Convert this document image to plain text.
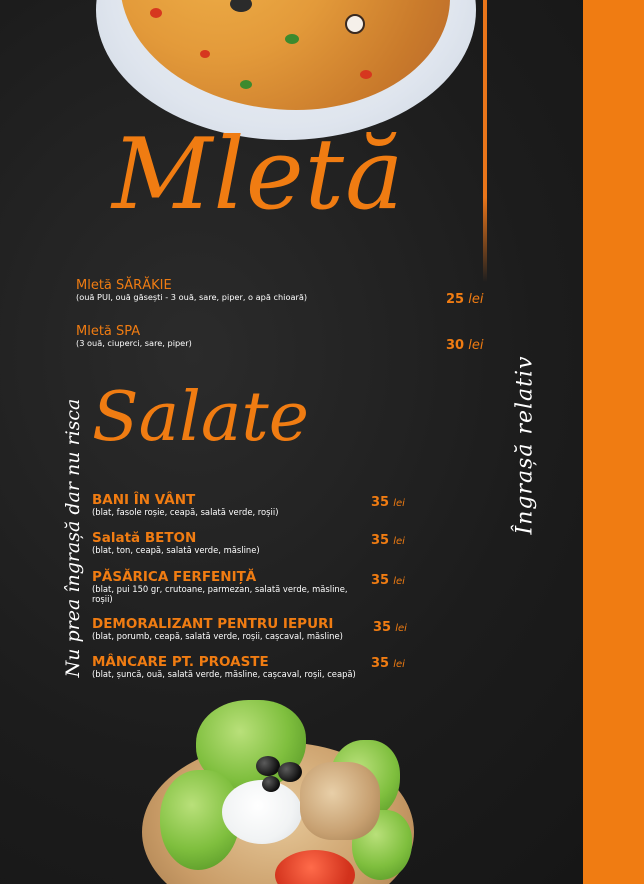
Mletă
Salate
Nu prea îngrașă dar nu risca	Îngrașă relativ
Mletă SĂRĂKIE
(ouă PUI, ouă găsești - 3 ouă, sare, piper, o apă chioară)	25 lei
Mletă SPA
(3 ouă, ciuperci, sare, piper)	30 lei
BANI ÎN VÂNT
(blat, fasole roșie, ceapă, salată verde, roșii)
35 lei
Salată BETON
(blat, ton, ceapă, salată verde, măsline)
35 lei
PĂSĂRICA FERFENIȚĂ
(blat, pui 150 gr, crutoane, parmezan, salată verde, măsline, roșii)
35 lei
DEMORALIZANT PENTRU IEPURI
(blat, porumb, ceapă, salată verde, roșii, cașcaval, măsline)
35 lei
MÂNCARE PT. PROASTE
(blat, șuncă, ouă, salată verde, măsline, cașcaval, roșii, ceapă)
35 lei
